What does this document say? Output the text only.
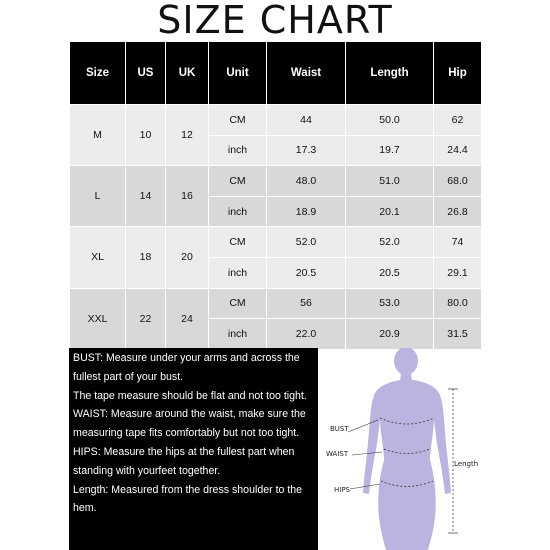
SIZE CHART
Size	US	UK	Unit	Waist	Length	Hip
M	10	12	CM	44	50.0	62
			inch	17.3	19.7	24.4
L	14	16	CM	48.0	51.0	68.0
			inch	18.9	20.1	26.8
XL	18	20	CM	52.0	52.0	74
			inch	20.5	20.5	29.1
XXL	22	24	CM	56	53.0	80.0
			inch	22.0	20.9	31.5

BUST: Measure under your arms and across the fullest part of your bust.

The tape measure should be flat and not too tight.

WAIST: Measure around the waist, make sure the measuring tape fits comfortably but not too tight.

HIPS: Measure the hips at the fullest part when standing with yourfeet together.

Length: Measured from the dress shoulder to the hem.

BUST
WAIST
HIPS
Length
